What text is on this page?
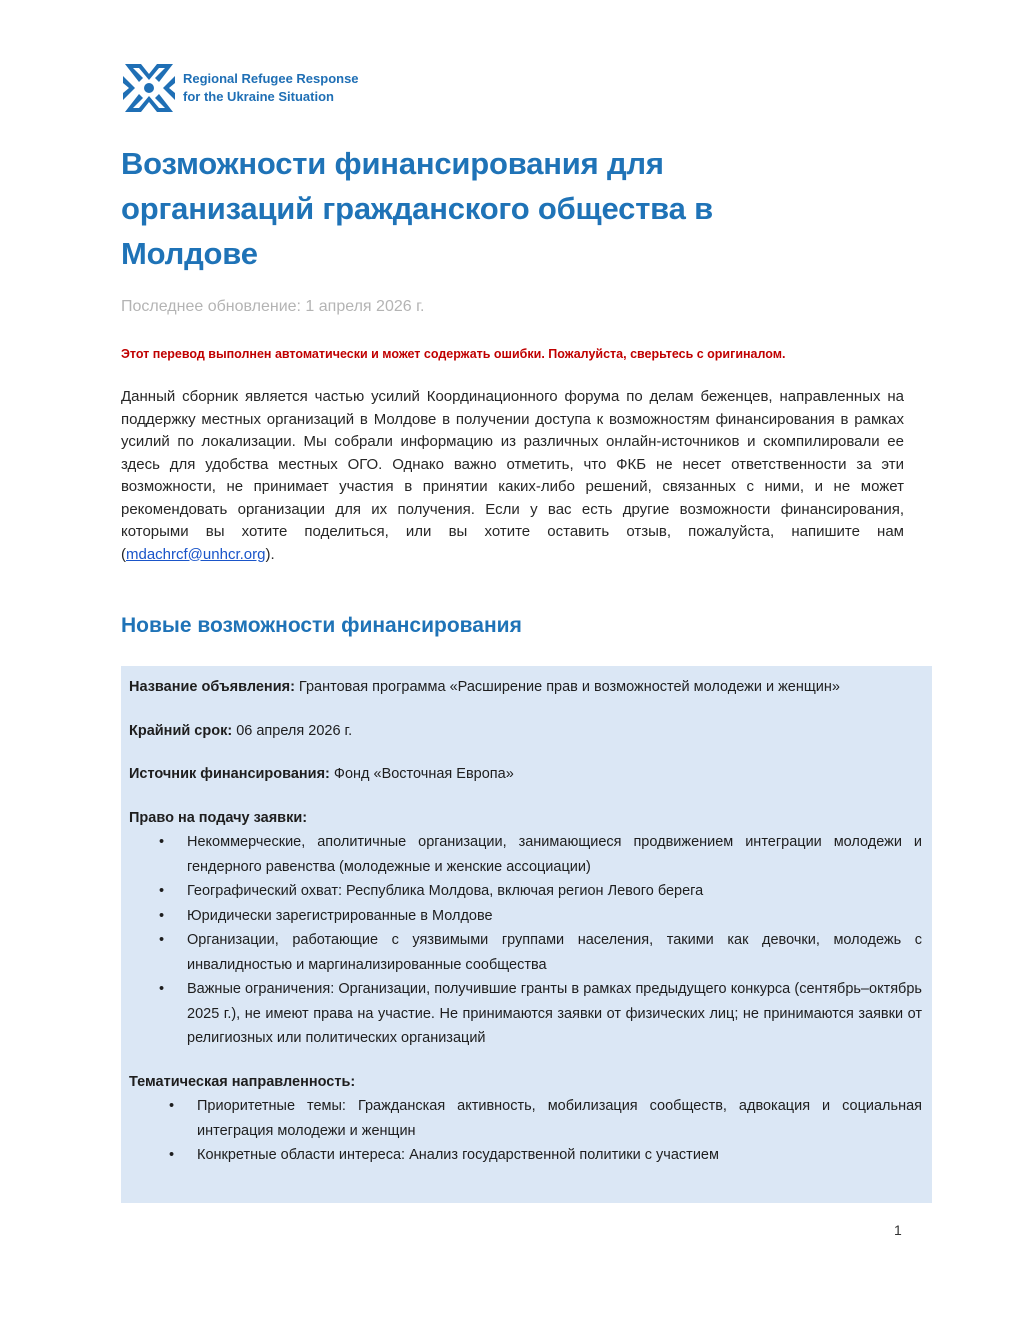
Regional Refugee Response
for the Ukraine Situation
Возможности финансирования для организаций гражданского общества в Молдове

Последнее обновление: 1 апреля 2026 г.

Этот перевод выполнен автоматически и может содержать ошибки. Пожалуйста, сверьтесь с оригиналом.

Данный сборник является частью усилий Координационного форума по делам беженцев, направленных на поддержку местных организаций в Молдове в получении доступа к возможностям финансирования в рамках усилий по локализации. Мы собрали информацию из различных онлайн-источников и скомпилировали ее здесь для удобства местных ОГО. Однако важно отметить, что ФКБ не несет ответственности за эти возможности, не принимает участия в принятии каких-либо решений, связанных с ними, и не может рекомендовать организации для их получения. Если у вас есть другие возможности финансирования, которыми вы хотите поделиться, или вы хотите оставить отзыв, пожалуйста, напишите нам (mdachrcf@unhcr.org).

Новые возможности финансирования

Название объявления: Грантовая программа «Расширение прав и возможностей молодежи и женщин»

Крайний срок: 06 апреля 2026 г.

Источник финансирования: Фонд «Восточная Европа»

Право на подачу заявки:

• Некоммерческие, аполитичные организации, занимающиеся продвижением интеграции молодежи и гендерного равенства (молодежные и женские ассоциации)
• Географический охват: Республика Молдова, включая регион Левого берега
• Юридически зарегистрированные в Молдове
• Организации, работающие с уязвимыми группами населения, такими как девочки, молодежь с инвалидностью и маргинализированные сообщества
• Важные ограничения: Организации, получившие гранты в рамках предыдущего конкурса (сентябрь–октябрь 2025 г.), не имеют права на участие. Не принимаются заявки от физических лиц; не принимаются заявки от религиозных или политических организаций

Тематическая направленность:

• Приоритетные темы: Гражданская активность, мобилизация сообществ, адвокация и социальная интеграция молодежи и женщин
• Конкретные области интереса: Анализ государственной политики с участием
1
